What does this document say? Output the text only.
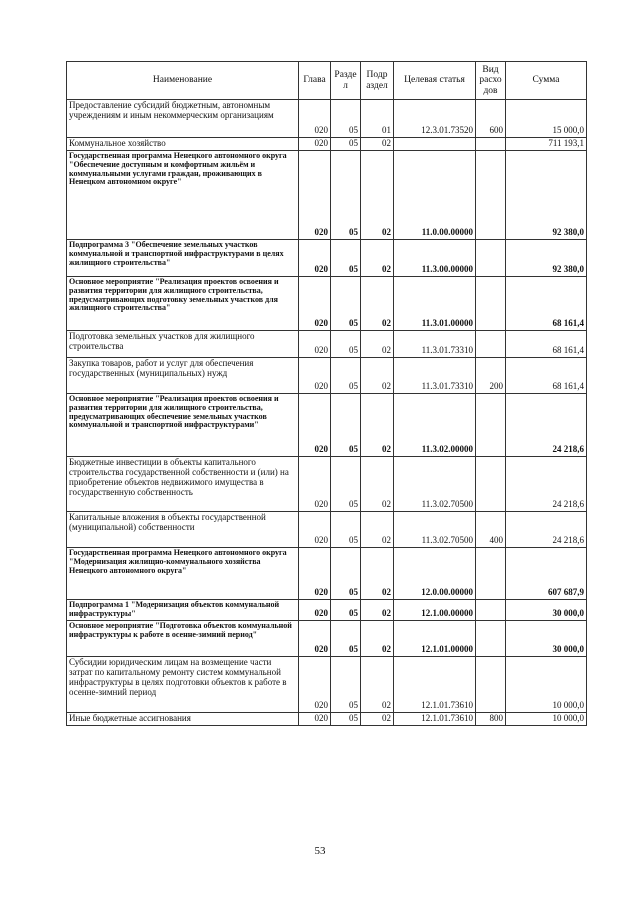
Наименование	Глава	Разде л	Подр аздел	Целевая статья	Вид расхо дов	Сумма
Предоставление субсидий бюджетным, автономным учреждениям и иным некоммерческим организациям	020	05	01	12.3.01.73520	600	15 000,0
Коммунальное хозяйство	020	05	02			711 193,1
Государственная программа Ненецкого автономного округа "Обеспечение доступным и комфортным жильём и коммунальными услугами граждан, проживающих в Ненецком автономном округе"	020	05	02	11.0.00.00000		92 380,0
Подпрограмма 3 "Обеспечение земельных участков коммунальной и транспортной инфраструктурами в целях жилищного строительства"	020	05	02	11.3.00.00000		92 380,0
Основное мероприятие "Реализация проектов освоения и развития территории для жилищного строительства, предусматривающих подготовку земельных участков для жилищного строительства"	020	05	02	11.3.01.00000		68 161,4
Подготовка земельных участков для жилищного строительства	020	05	02	11.3.01.73310		68 161,4
Закупка товаров, работ и услуг для обеспечения государственных (муниципальных) нужд	020	05	02	11.3.01.73310	200	68 161,4
Основное мероприятие "Реализация проектов освоения и развития территории для жилищного строительства, предусматривающих обеспечение земельных участков коммунальной и транспортной инфраструктурами"	020	05	02	11.3.02.00000		24 218,6
Бюджетные инвестиции в объекты капитального строительства государственной собственности и (или) на приобретение объектов недвижимого имущества в государственную собственность	020	05	02	11.3.02.70500		24 218,6
Капитальные вложения в объекты государственной (муниципальной) собственности	020	05	02	11.3.02.70500	400	24 218,6
Государственная программа Ненецкого автономного округа "Модернизация жилищно-коммунального хозяйства Ненецкого автономного округа"	020	05	02	12.0.00.00000		607 687,9
Подпрограмма 1 "Модернизация объектов коммунальной инфраструктуры"	020	05	02	12.1.00.00000		30 000,0
Основное мероприятие "Подготовка объектов коммунальной инфраструктуры к работе в осенне-зимний период"	020	05	02	12.1.01.00000		30 000,0
Субсидии юридическим лицам на возмещение части затрат по капитальному ремонту систем коммунальной инфраструктуры в целях подготовки объектов к работе в осенне-зимний период	020	05	02	12.1.01.73610		10 000,0
Иные бюджетные ассигнования	020	05	02	12.1.01.73610	800	10 000,0
53
